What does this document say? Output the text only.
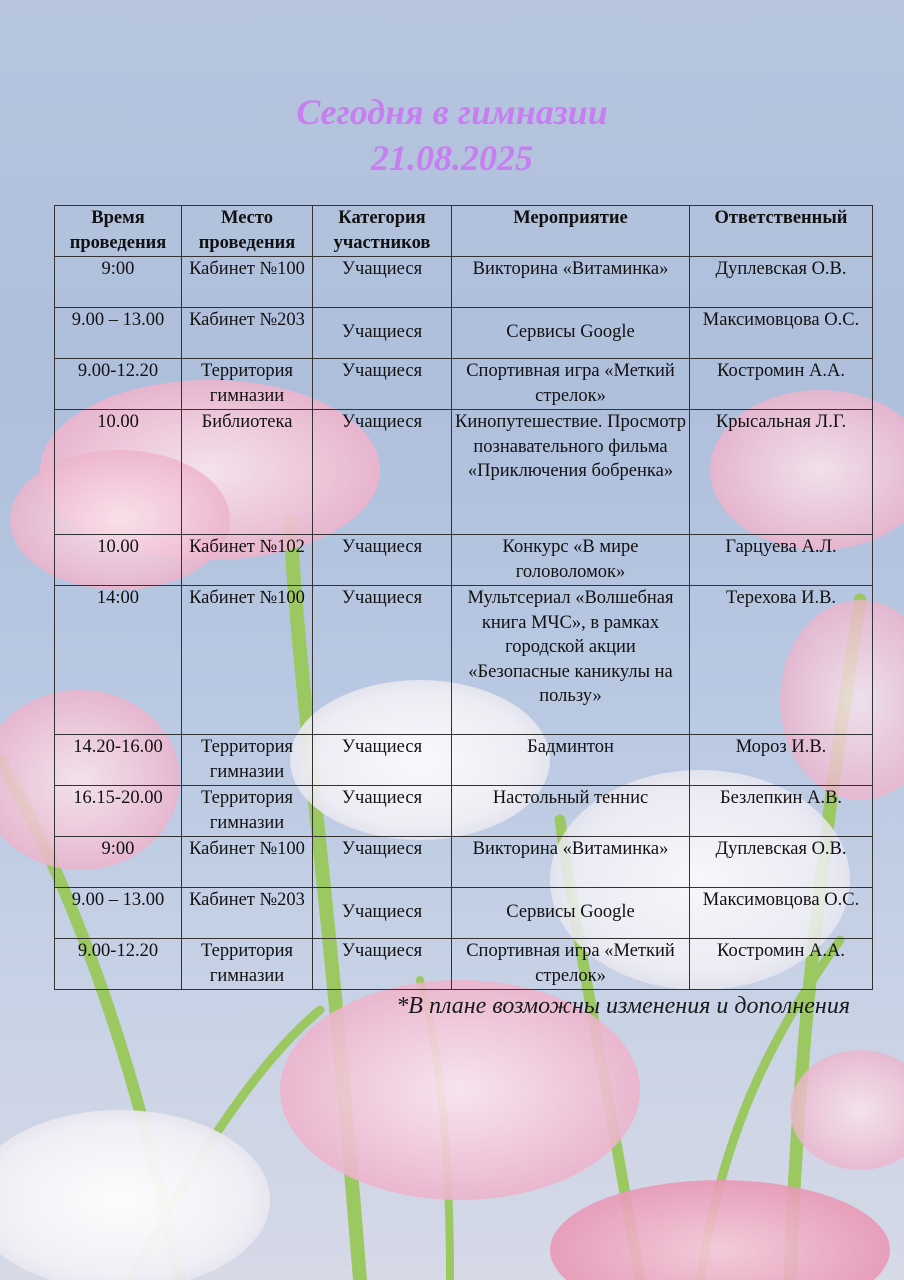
Сегодня в гимназии
21.08.2025
Время проведения	Место проведения	Категория участников	Мероприятие	Ответственный
9:00	Кабинет №100	Учащиеся	Викторина «Витаминка»	Дуплевская О.В.
9.00 – 13.00	Кабинет №203	Учащиеся	Сервисы Google	Максимовцова О.С.
9.00-12.20	Территория гимназии	Учащиеся	Спортивная игра «Меткий стрелок»	Костромин А.А.
10.00	Библиотека	Учащиеся	Кинопутешествие. Просмотр познавательного фильма «Приключения бобренка»	Крысальная Л.Г.
10.00	Кабинет №102	Учащиеся	Конкурс «В мире головоломок»	Гарцуева А.Л.
14:00	Кабинет №100	Учащиеся	Мультсериал «Волшебная книга МЧС», в рамках городской акции «Безопасные каникулы на пользу»	Терехова И.В.
14.20-16.00	Территория гимназии	Учащиеся	Бадминтон	Мороз И.В.
16.15-20.00	Территория гимназии	Учащиеся	Настольный теннис	Безлепкин А.В.
9:00	Кабинет №100	Учащиеся	Викторина «Витаминка»	Дуплевская О.В.
9.00 – 13.00	Кабинет №203	Учащиеся	Сервисы Google	Максимовцова О.С.
9.00-12.20	Территория гимназии	Учащиеся	Спортивная игра «Меткий стрелок»	Костромин А.А.
*В плане возможны изменения и дополнения
